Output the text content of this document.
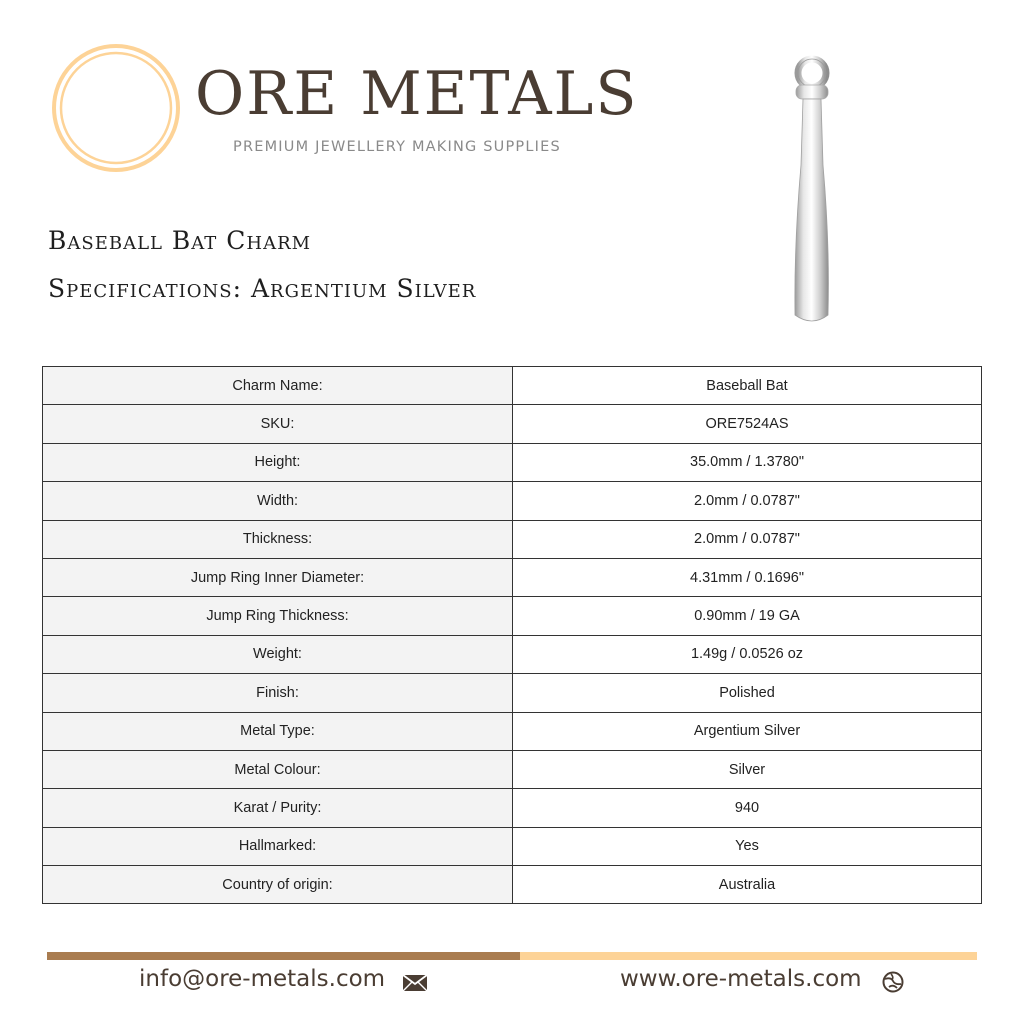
ORE METALS
PREMIUM JEWELLERY MAKING SUPPLIES
Baseball Bat Charm
Specifications: Argentium Silver
Charm Name:	Baseball Bat
SKU:	ORE7524AS
Height:	35.0mm / 1.3780"
Width:	2.0mm / 0.0787"
Thickness:	2.0mm / 0.0787"
Jump Ring Inner Diameter:	4.31mm / 0.1696"
Jump Ring Thickness:	0.90mm / 19 GA
Weight:	1.49g / 0.0526 oz
Finish:	Polished
Metal Type:	Argentium Silver
Metal Colour:	Silver
Karat / Purity:	940
Hallmarked:	Yes
Country of origin:	Australia
info@ore-metals.com	www.ore-metals.com
